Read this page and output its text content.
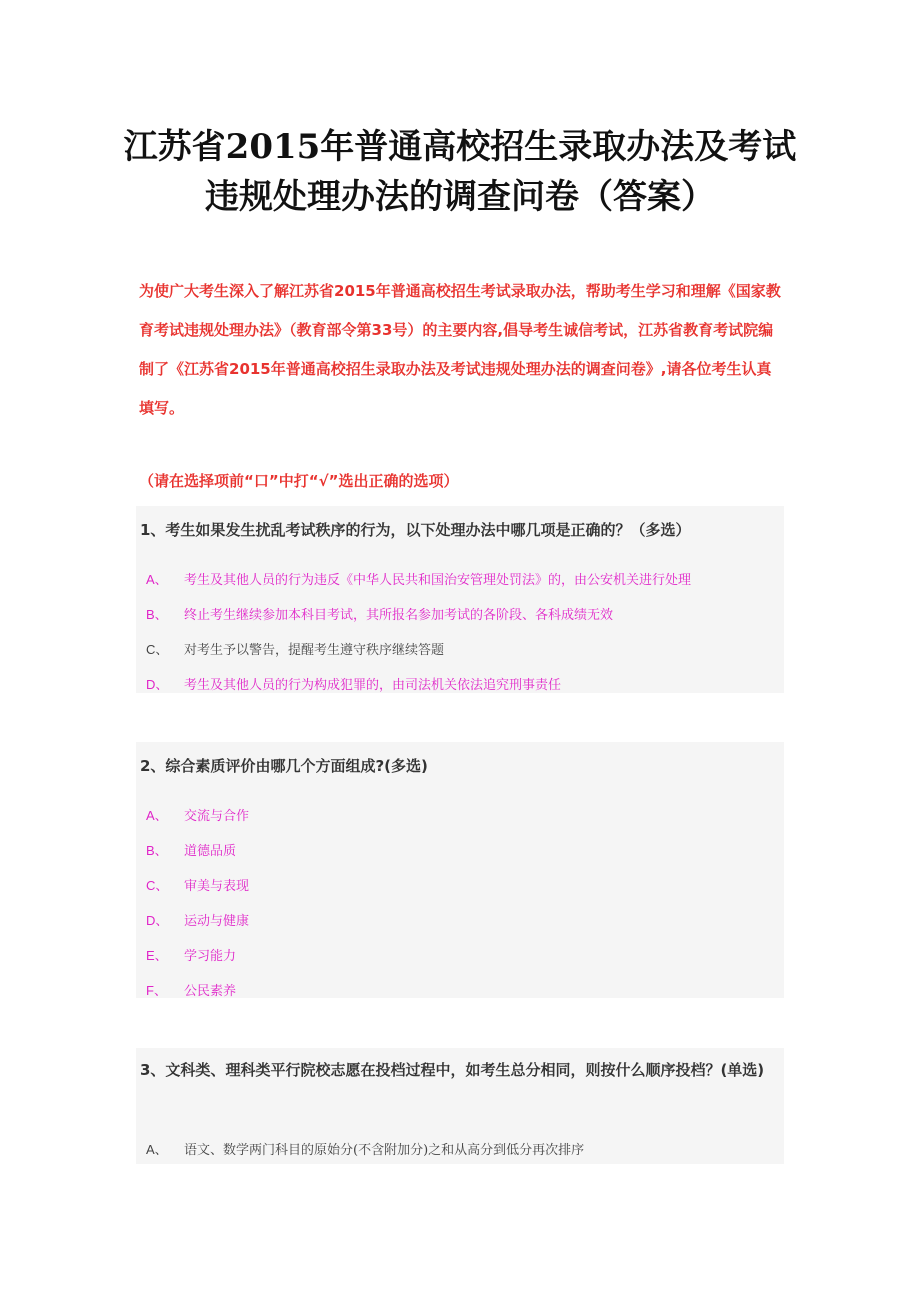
江苏省2015年普通高校招生录取办法及考试
违规处理办法的调查问卷（答案）
为使广大考生深入了解江苏省2015年普通高校招生考试录取办法，帮助考生学习和理解《国家教育考试违规处理办法》（教育部令第33号）的主要内容,倡导考生诚信考试，江苏省教育考试院编制了《江苏省2015年普通高校招生录取办法及考试违规处理办法的调查问卷》,请各位考生认真填写。
（请在选择项前“口”中打“√”选出正确的选项）
1、考生如果发生扰乱考试秩序的行为，以下处理办法中哪几项是正确的？（多选）
A、 考生及其他人员的行为违反《中华人民共和国治安管理处罚法》的，由公安机关进行处理
B、 终止考生继续参加本科目考试，其所报名参加考试的各阶段、各科成绩无效
C、 对考生予以警告，提醒考生遵守秩序继续答题
D、 考生及其他人员的行为构成犯罪的，由司法机关依法追究刑事责任
2、综合素质评价由哪几个方面组成?(多选)
A、 交流与合作
B、 道德品质
C、 审美与表现
D、 运动与健康
E、 学习能力
F、 公民素养
3、文科类、理科类平行院校志愿在投档过程中，如考生总分相同，则按什么顺序投档？(单选)
A、 语文、数学两门科目的原始分(不含附加分)之和从高分到低分再次排序
